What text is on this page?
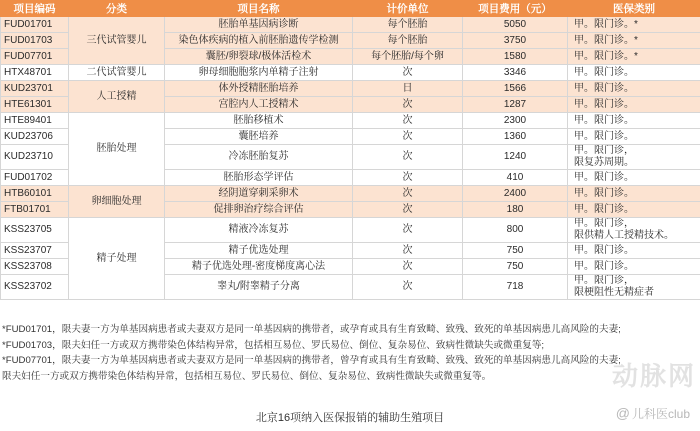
项目编码	分类	项目名称	计价单位	项目费用（元）	医保类别
FUD01701	三代试管婴儿	胚胎单基因病诊断	每个胚胎	5050	甲。限门诊。*
FUD01703		染色体疾病的植入前胚胎遗传学检测	每个胚胎	3750	甲。限门诊。*
FUD07701		囊胚/卵裂球/极体活检术	每个胚胎/每个卵	1580	甲。限门诊。*
HTX48701	二代试管婴儿	卵母细胞胞浆内单精子注射	次	3346	甲。限门诊。
KUD23701	人工授精	体外授精胚胎培养	日	1566	甲。限门诊。
HTE61301		宫腔内人工授精术	次	1287	甲。限门诊。
HTE89401	胚胎处理	胚胎移植术	次	2300	甲。限门诊。
KUD23706		囊胚培养	次	1360	甲。限门诊。
KUD23710		冷冻胚胎复苏	次	1240	甲。限门诊，
限复苏周期。

FUD01702		胚胎形态学评估	次	410	甲。限门诊。
HTB60101	卵细胞处理	经阴道穿刺采卵术	次	2400	甲。限门诊。
FTB01701		促排卵治疗综合评估	次	180	甲。限门诊。
KSS23705	精子处理	精液冷冻复苏	次	800	甲。限门诊，
限供精人工授精技术。

KSS23707		精子优选处理	次	750	甲。限门诊。
KSS23708		精子优选处理-密度梯度离心法	次	750	甲。限门诊。
KSS23702		睾丸/附睾精子分离	次	718	甲。限门诊，
限梗阻性无精症者
*FUD01701，限夫妻一方为单基因病患者或夫妻双方是同一单基因病的携带者，或孕育或具有生育致畸、致残、致死的单基因病患儿高风险的夫妻;
*FUD01703，限夫妇任一方或双方携带染色体结构异常，包括相互易位、罗氏易位、倒位、复杂易位、致病性微缺失或微重复等;
*FUD07701，限夫妻一方为单基因病患者或夫妻双方是同一单基因病的携带者，曾孕育或具有生育致畸、致残、致死的单基因病患儿高风险的夫妻;
限夫妇任一方或双方携带染色体结构异常，包括相互易位、罗氏易位、倒位、复杂易位、致病性微缺失或微重复等。	动脉网
北京16项纳入医保报销的辅助生殖项目	@ 儿科医club
